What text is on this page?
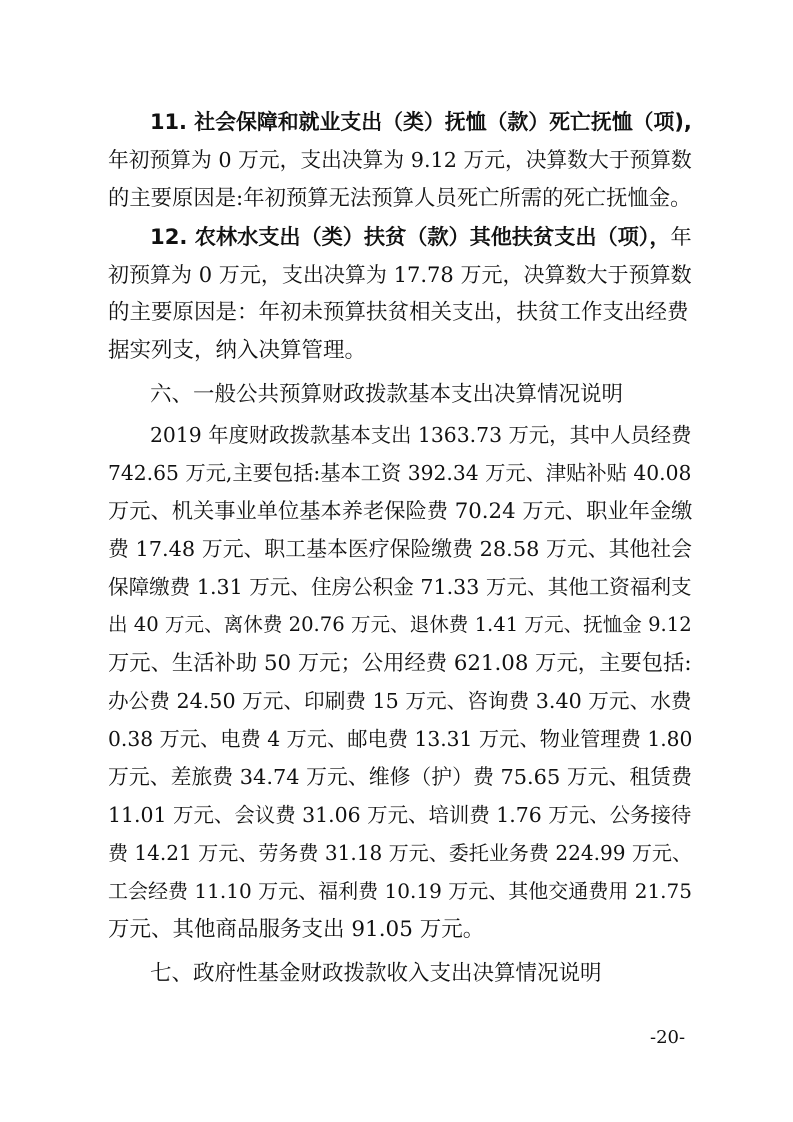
11. 社会保障和就业支出（类）抚恤（款）死亡抚恤（项),
年初预算为 0 万元，支出决算为 9.12 万元，决算数大于预算数
的主要原因是:年初预算无法预算人员死亡所需的死亡抚恤金。
12. 农林水支出（类）扶贫（款）其他扶贫支出（项），年
初预算为 0 万元，支出决算为 17.78 万元，决算数大于预算数
的主要原因是：年初未预算扶贫相关支出，扶贫工作支出经费
据实列支，纳入决算管理。
六、一般公共预算财政拨款基本支出决算情况说明
2019 年度财政拨款基本支出 1363.73 万元，其中人员经费
742.65 万元,主要包括:基本工资 392.34 万元、津贴补贴 40.08
万元、机关事业单位基本养老保险费 70.24 万元、职业年金缴
费 17.48 万元、职工基本医疗保险缴费 28.58 万元、其他社会
保障缴费 1.31 万元、住房公积金 71.33 万元、其他工资福利支
出 40 万元、离休费 20.76 万元、退休费 1.41 万元、抚恤金 9.12
万元、生活补助 50 万元；公用经费 621.08 万元，主要包括:
办公费 24.50 万元、印刷费 15 万元、咨询费 3.40 万元、水费
0.38 万元、电费 4 万元、邮电费 13.31 万元、物业管理费 1.80
万元、差旅费 34.74 万元、维修（护）费 75.65 万元、租赁费
11.01 万元、会议费 31.06 万元、培训费 1.76 万元、公务接待
费 14.21 万元、劳务费 31.18 万元、委托业务费 224.99 万元、
工会经费 11.10 万元、福利费 10.19 万元、其他交通费用 21.75
万元、其他商品服务支出 91.05 万元。
七、政府性基金财政拨款收入支出决算情况说明
-20-
